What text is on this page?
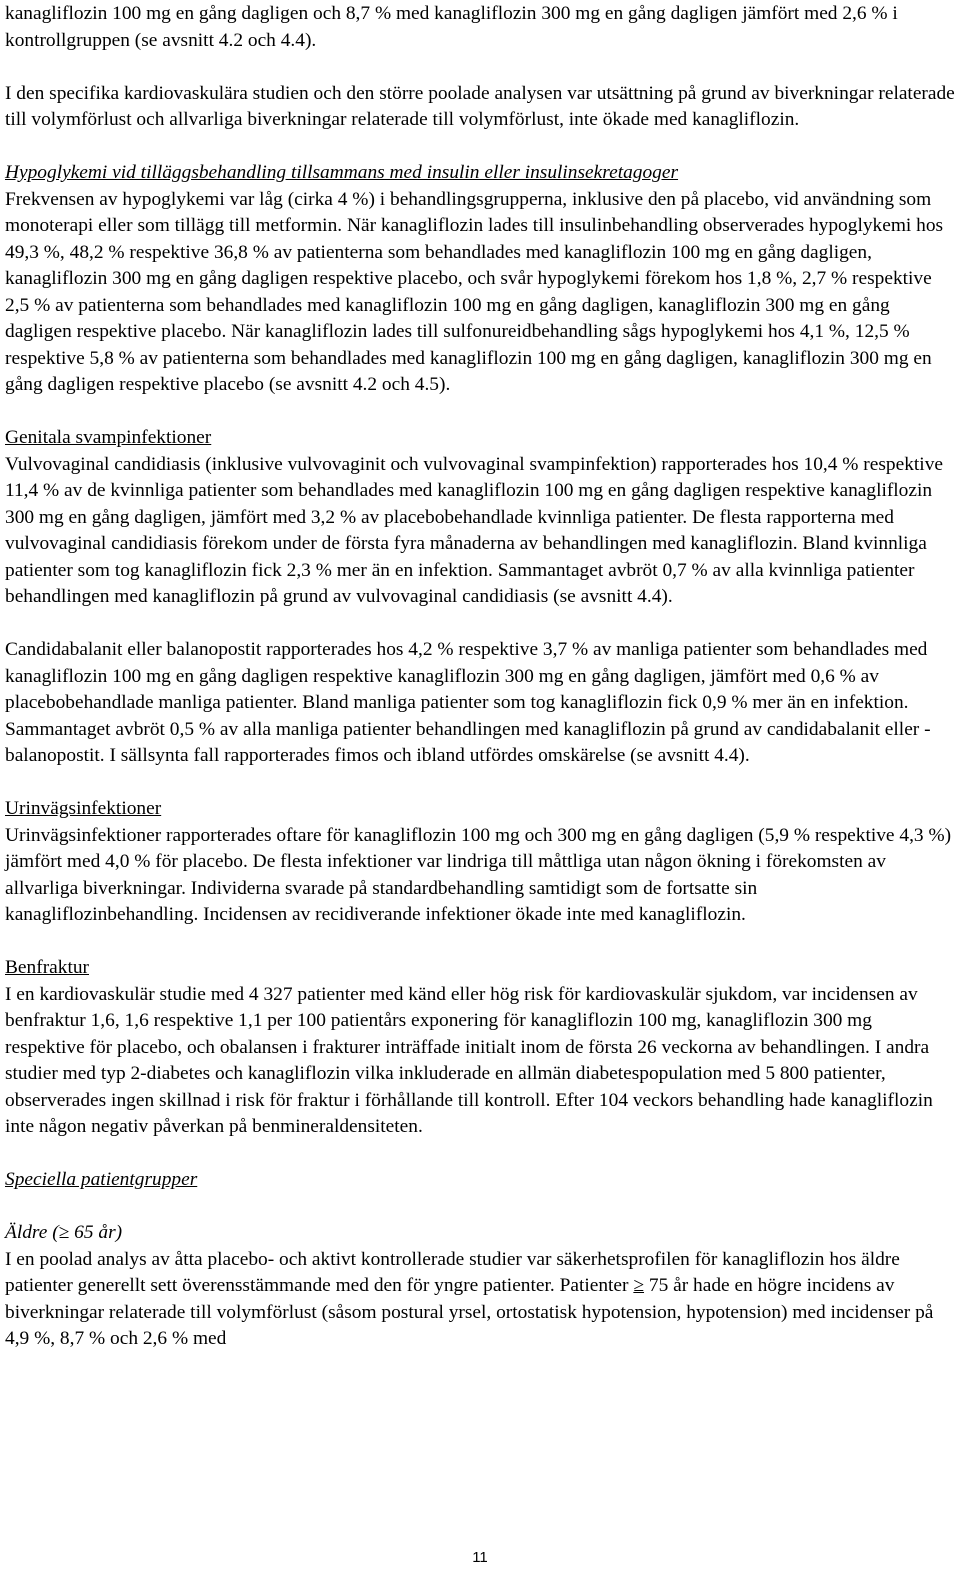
kanagliflozin 100 mg en gång dagligen och 8,7 % med kanagliflozin 300 mg en gång dagligen jämfört med 2,6 % i kontrollgruppen (se avsnitt 4.2 och 4.4).

I den specifika kardiovaskulära studien och den större poolade analysen var utsättning på grund av biverkningar relaterade till volymförlust och allvarliga biverkningar relaterade till volymförlust, inte ökade med kanagliflozin.

Hypoglykemi vid tilläggsbehandling tillsammans med insulin eller insulinsekretagoger
Frekvensen av hypoglykemi var låg (cirka 4 %) i behandlingsgrupperna, inklusive den på placebo, vid användning som monoterapi eller som tillägg till metformin. När kanagliflozin lades till insulinbehandling observerades hypoglykemi hos 49,3 %, 48,2 % respektive 36,8 % av patienterna som behandlades med kanagliflozin 100 mg en gång dagligen, kanagliflozin 300 mg en gång dagligen respektive placebo, och svår hypoglykemi förekom hos 1,8 %, 2,7 % respektive 2,5 % av patienterna som behandlades med kanagliflozin 100 mg en gång dagligen, kanagliflozin 300 mg en gång dagligen respektive placebo. När kanagliflozin lades till sulfonureidbehandling sågs hypoglykemi hos 4,1 %, 12,5 % respektive 5,8 % av patienterna som behandlades med kanagliflozin 100 mg en gång dagligen, kanagliflozin 300 mg en gång dagligen respektive placebo (se avsnitt 4.2 och 4.5).
Genitala svampinfektioner
Vulvovaginal candidiasis (inklusive vulvovaginit och vulvovaginal svampinfektion) rapporterades hos 10,4 % respektive 11,4 % av de kvinnliga patienter som behandlades med kanagliflozin 100 mg en gång dagligen respektive kanagliflozin 300 mg en gång dagligen, jämfört med 3,2 % av placebobehandlade kvinnliga patienter. De flesta rapporterna med vulvovaginal candidiasis förekom under de första fyra månaderna av behandlingen med kanagliflozin. Bland kvinnliga patienter som tog kanagliflozin fick 2,3 % mer än en infektion. Sammantaget avbröt 0,7 % av alla kvinnliga patienter behandlingen med kanagliflozin på grund av vulvovaginal candidiasis (se avsnitt 4.4).

Candidabalanit eller balanopostit rapporterades hos 4,2 % respektive 3,7 % av manliga patienter som behandlades med kanagliflozin 100 mg en gång dagligen respektive kanagliflozin 300 mg en gång dagligen, jämfört med 0,6 % av placebobehandlade manliga patienter. Bland manliga patienter som tog kanagliflozin fick 0,9 % mer än en infektion. Sammantaget avbröt 0,5 % av alla manliga patienter behandlingen med kanagliflozin på grund av candidabalanit eller -balanopostit. I sällsynta fall rapporterades fimos och ibland utfördes omskärelse (se avsnitt 4.4).

Urinvägsinfektioner
Urinvägsinfektioner rapporterades oftare för kanagliflozin 100 mg och 300 mg en gång dagligen (5,9 % respektive 4,3 %) jämfört med 4,0 % för placebo. De flesta infektioner var lindriga till måttliga utan någon ökning i förekomsten av allvarliga biverkningar. Individerna svarade på standardbehandling samtidigt som de fortsatte sin kanagliflozinbehandling. Incidensen av recidiverande infektioner ökade inte med kanagliflozin.
Benfraktur
I en kardiovaskulär studie med 4 327 patienter med känd eller hög risk för kardiovaskulär sjukdom, var incidensen av benfraktur 1,6, 1,6 respektive 1,1 per 100 patientårs exponering för kanagliflozin 100 mg, kanagliflozin 300 mg respektive för placebo, och obalansen i frakturer inträffade initialt inom de första 26 veckorna av behandlingen. I andra studier med typ 2-diabetes och kanagliflozin vilka inkluderade en allmän diabetespopulation med 5 800 patienter, observerades ingen skillnad i risk för fraktur i förhållande till kontroll. Efter 104 veckors behandling hade kanagliflozin inte någon negativ påverkan på benmineraldensiteten.
Speciella patientgrupper
Äldre (≥ 65 år)
I en poolad analys av åtta placebo- och aktivt kontrollerade studier var säkerhetsprofilen för kanagliflozin hos äldre patienter generellt sett överensstämmande med den för yngre patienter. Patienter ≥ 75 år hade en högre incidens av biverkningar relaterade till volymförlust (såsom postural yrsel, ortostatisk hypotension, hypotension) med incidenser på 4,9 %, 8,7 % och 2,6 % med
11
